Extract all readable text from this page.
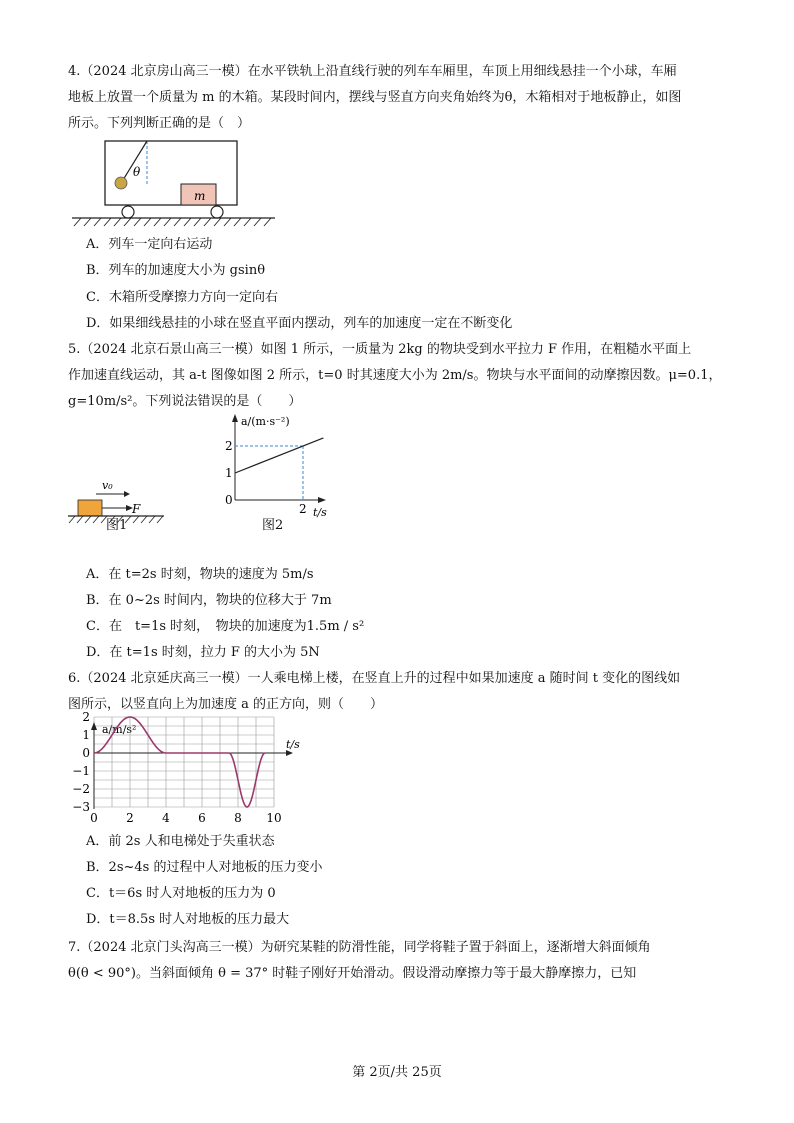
4.（2024 北京房山高三一模）在水平铁轨上沿直线行驶的列车车厢里，车顶上用细线悬挂一个小球，车厢
地板上放置一个质量为 m 的木箱。某段时间内，摆线与竖直方向夹角始终为θ，木箱相对于地板静止，如图
所示。下列判断正确的是（　）
θ
m
A．列车一定向右运动
B．列车的加速度大小为 gsinθ
C．木箱所受摩擦力方向一定向右
D．如果细线悬挂的小球在竖直平面内摆动，列车的加速度一定在不断变化
5.（2024 北京石景山高三一模）如图 1 所示，一质量为 2kg 的物块受到水平拉力 F 作用，在粗糙水平面上
作加速直线运动，其 a-t 图像如图 2 所示，t=0 时其速度大小为 2m/s。物块与水平面间的动摩擦因数。μ=0.1，
g=10m/s²。下列说法错误的是（　　）
v₀
F
图1
a/(m·s⁻²)
t/s
2
1
0
2
图2
A．在 t=2s 时刻，物块的速度为 5m/s
B．在 0~2s 时间内，物块的位移大于 7m
C．在　t=1s 时刻，　物块的加速度为1.5m / s²
D．在 t=1s 时刻，拉力 F 的大小为 5N
6.（2024 北京延庆高三一模）一人乘电梯上楼，在竖直上升的过程中如果加速度 a 随时间 t 变化的图线如
图所示，以竖直向上为加速度 a 的正方向，则（　　）
a/m/s²
t/s
2
1
0
−1
−2
−3
0 2 4 6 8 10
A．前 2s 人和电梯处于失重状态
B．2s~4s 的过程中人对地板的压力变小
C．t＝6s 时人对地板的压力为 0
D．t＝8.5s 时人对地板的压力最大
7.（2024 北京门头沟高三一模）为研究某鞋的防滑性能，同学将鞋子置于斜面上，逐渐增大斜面倾角
θ(θ < 90°)。当斜面倾角 θ = 37° 时鞋子刚好开始滑动。假设滑动摩擦力等于最大静摩擦力，已知
第 2页/共 25页
